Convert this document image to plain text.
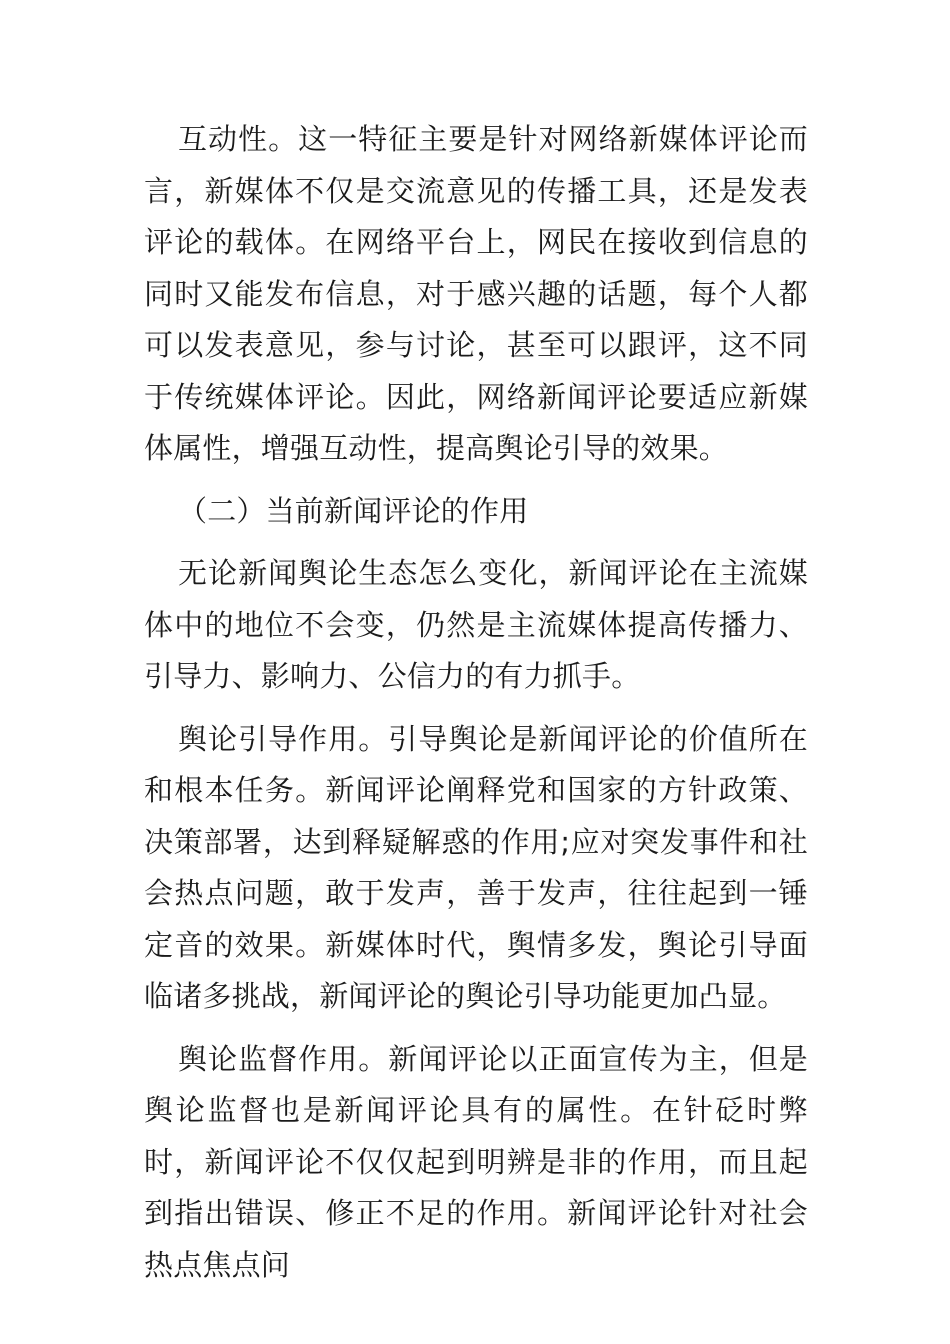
互动性。这一特征主要是针对网络新媒体评论而言，新媒体不仅是交流意见的传播工具，还是发表评论的载体。在网络平台上，网民在接收到信息的同时又能发布信息，对于感兴趣的话题，每个人都可以发表意见，参与讨论，甚至可以跟评，这不同于传统媒体评论。因此，网络新闻评论要适应新媒体属性，增强互动性，提高舆论引导的效果。

（二）当前新闻评论的作用

无论新闻舆论生态怎么变化，新闻评论在主流媒体中的地位不会变，仍然是主流媒体提高传播力、引导力、影响力、公信力的有力抓手。

舆论引导作用。引导舆论是新闻评论的价值所在和根本任务。新闻评论阐释党和国家的方针政策、决策部署，达到释疑解惑的作用;应对突发事件和社会热点问题，敢于发声，善于发声，往往起到一锤定音的效果。新媒体时代，舆情多发，舆论引导面临诸多挑战，新闻评论的舆论引导功能更加凸显。

舆论监督作用。新闻评论以正面宣传为主，但是舆论监督也是新闻评论具有的属性。在针砭时弊时，新闻评论不仅仅起到明辨是非的作用，而且起到指出错误、修正不足的作用。新闻评论针对社会热点焦点问
